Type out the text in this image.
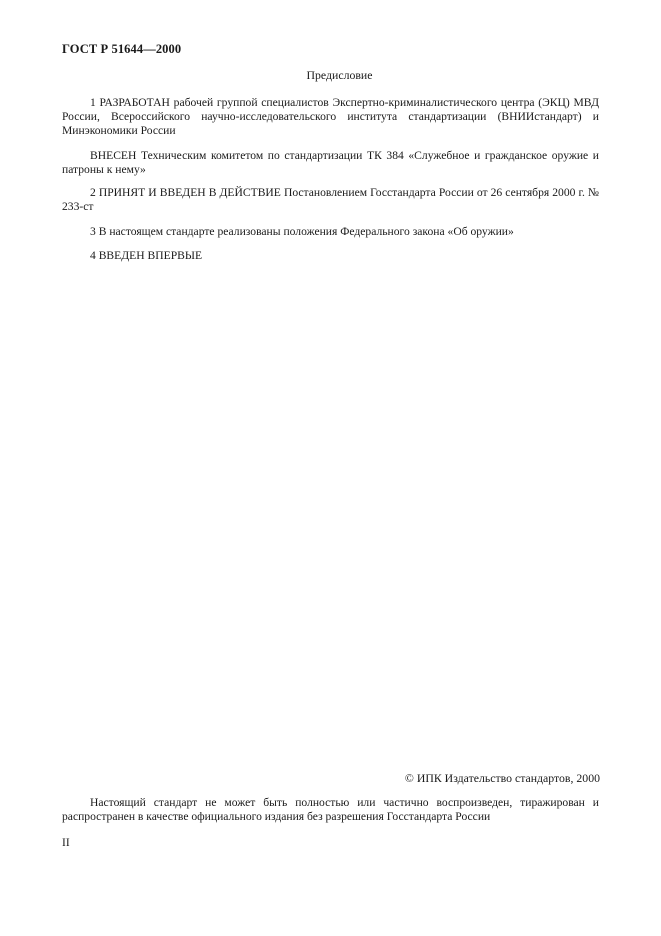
ГОСТ Р 51644—2000
Предисловие

1 РАЗРАБОТАН рабочей группой специалистов Экспертно-криминалистического центра (ЭКЦ) МВД России, Всероссийского научно-исследовательского института стандартизации (ВНИИстандарт) и Минэкономики России

ВНЕСЕН Техническим комитетом по стандартизации ТК 384 «Служебное и гражданское оружие и патроны к нему»

2 ПРИНЯТ И ВВЕДЕН В ДЕЙСТВИЕ Постановлением Госстандарта России от 26 сентября 2000 г. № 233-ст

3 В настоящем стандарте реализованы положения Федерального закона «Об оружии»

4 ВВЕДЕН ВПЕРВЫЕ

© ИПК Издательство стандартов, 2000

Настоящий стандарт не может быть полностью или частично воспроизведен, тиражирован и распространен в качестве официального издания без разрешения Госстандарта России

II
